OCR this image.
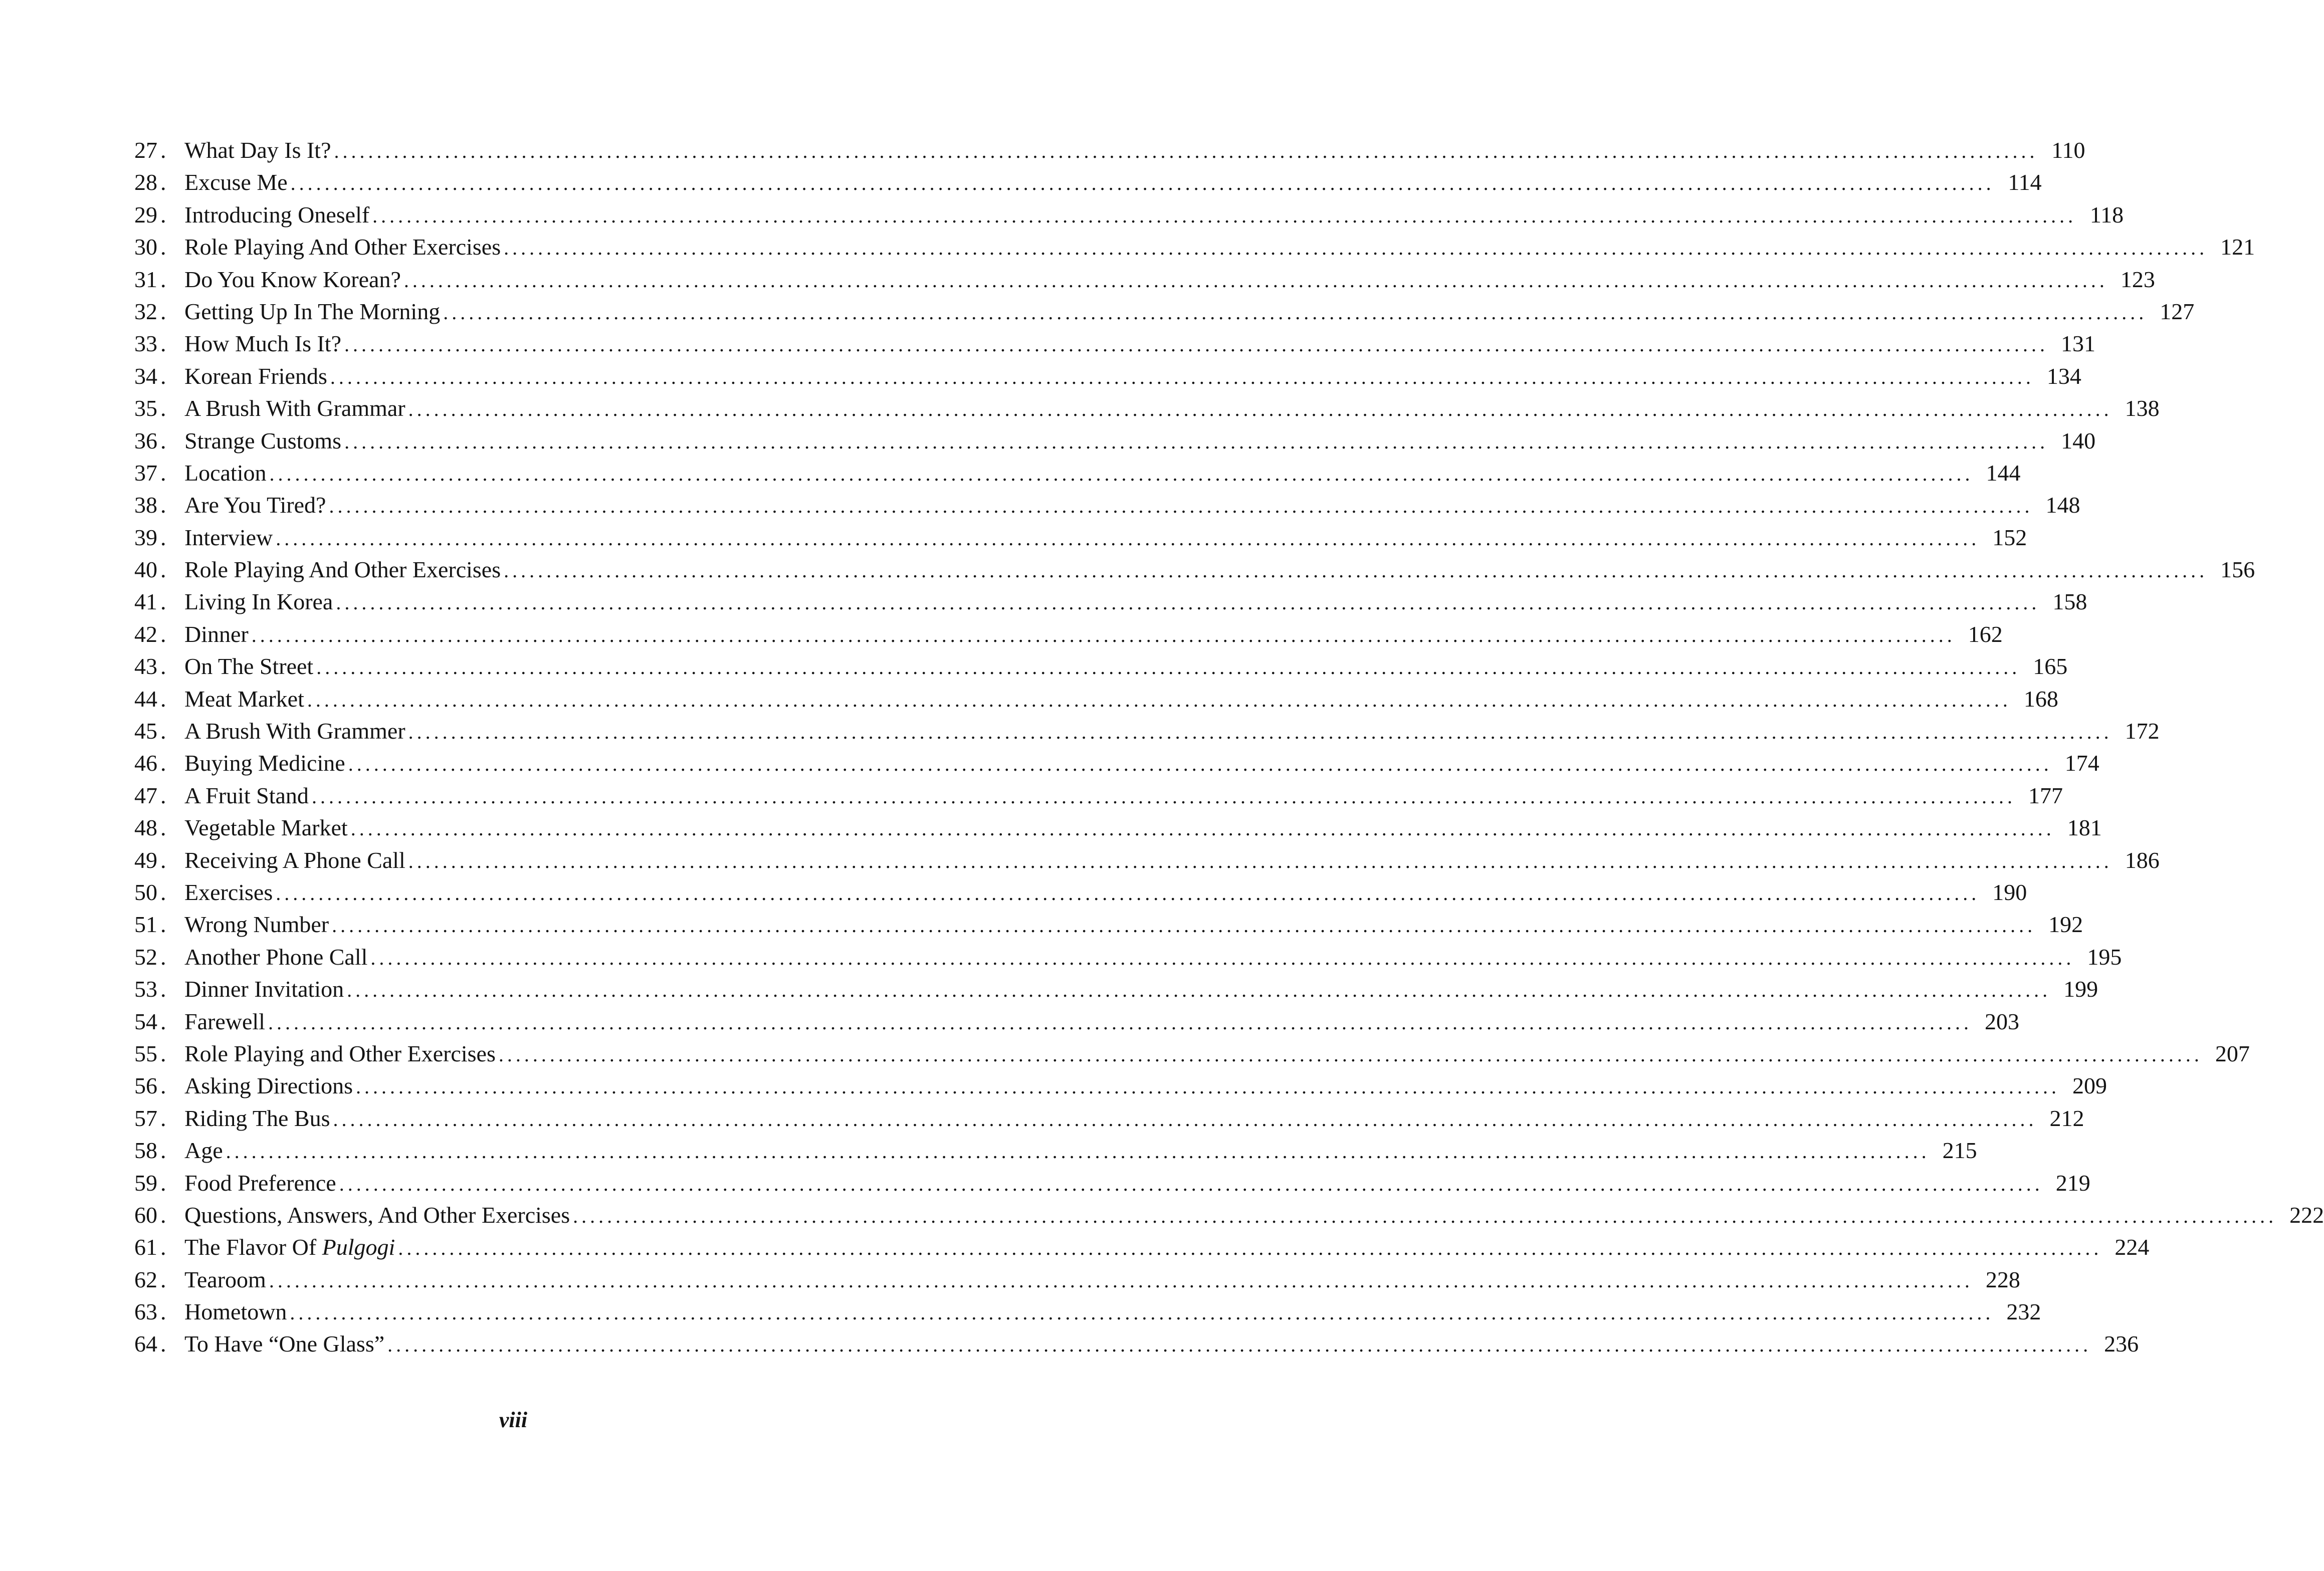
27 . What Day Is It? ........................................................................................................................................................................................................ 110
28 . Excuse Me ........................................................................................................................................................................................................ 114
29 . Introducing Oneself ........................................................................................................................................................................................................ 118
30 . Role Playing And Other Exercises ........................................................................................................................................................................................................ 121
31 . Do You Know Korean? ........................................................................................................................................................................................................ 123
32 . Getting Up In The Morning ........................................................................................................................................................................................................ 127
33 . How Much Is It? ........................................................................................................................................................................................................ 131
34 . Korean Friends ........................................................................................................................................................................................................ 134
35 . A Brush With Grammar ........................................................................................................................................................................................................ 138
36 . Strange Customs ........................................................................................................................................................................................................ 140
37 . Location ........................................................................................................................................................................................................ 144
38 . Are You Tired? ........................................................................................................................................................................................................ 148
39 . Interview ........................................................................................................................................................................................................ 152
40 . Role Playing And Other Exercises ........................................................................................................................................................................................................ 156
41 . Living In Korea ........................................................................................................................................................................................................ 158
42 . Dinner ........................................................................................................................................................................................................ 162
43 . On The Street ........................................................................................................................................................................................................ 165
44 . Meat Market ........................................................................................................................................................................................................ 168
45 . A Brush With Grammer ........................................................................................................................................................................................................ 172
46 . Buying Medicine ........................................................................................................................................................................................................ 174
47 . A Fruit Stand ........................................................................................................................................................................................................ 177
48 . Vegetable Market ........................................................................................................................................................................................................ 181
49 . Receiving A Phone Call ........................................................................................................................................................................................................ 186
50 . Exercises ........................................................................................................................................................................................................ 190
51 . Wrong Number ........................................................................................................................................................................................................ 192
52 . Another Phone Call ........................................................................................................................................................................................................ 195
53 . Dinner Invitation ........................................................................................................................................................................................................ 199
54 . Farewell ........................................................................................................................................................................................................ 203
55 . Role Playing and Other Exercises ........................................................................................................................................................................................................ 207
56 . Asking Directions ........................................................................................................................................................................................................ 209
57 . Riding The Bus ........................................................................................................................................................................................................ 212
58 . Age ........................................................................................................................................................................................................ 215
59 . Food Preference ........................................................................................................................................................................................................ 219
60 . Questions, Answers, And Other Exercises ........................................................................................................................................................................................................ 222
61 . The Flavor Of Pulgogi ........................................................................................................................................................................................................ 224
62 . Tearoom ........................................................................................................................................................................................................ 228
63 . Hometown ........................................................................................................................................................................................................ 232
64 . To Have “One Glass” ........................................................................................................................................................................................................ 236
viii
